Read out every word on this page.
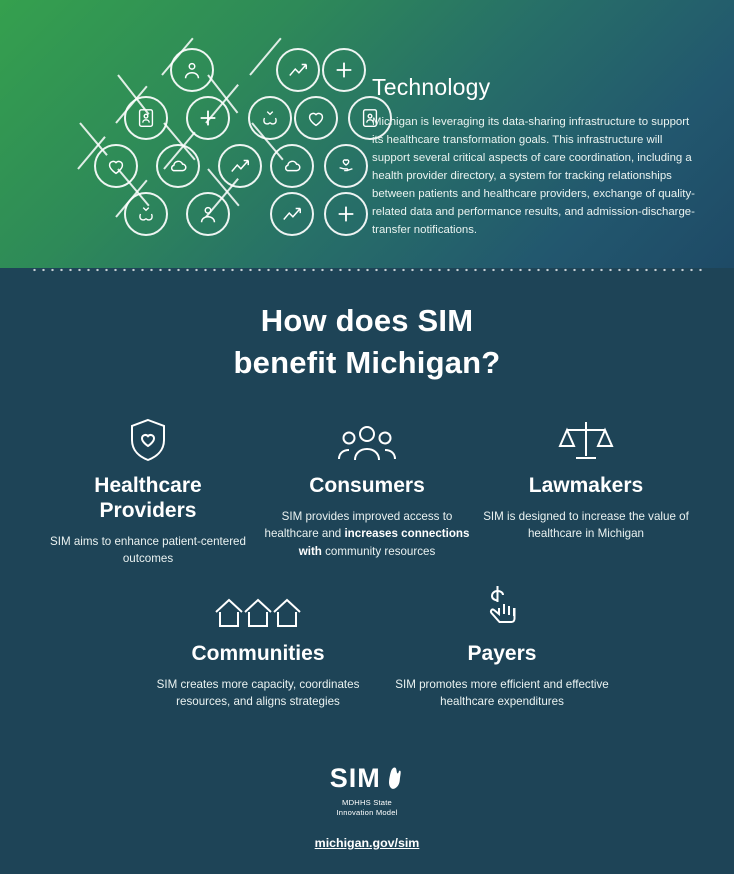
Technology

Michigan is leveraging its data-sharing infrastructure to support its healthcare transformation goals. This infrastructure will support several critical aspects of care coordination, including a health provider directory, a system for tracking relationships between patients and healthcare providers, exchange of quality-related data and performance results, and admission-discharge-transfer notifications.

How does SIM
benefit Michigan?
Healthcare
Providers

SIM aims to enhance patient-centered outcomes

Consumers

SIM provides improved access to healthcare and increases connections with community resources

Lawmakers

SIM is designed to increase the value of healthcare in Michigan

Communities

SIM creates more capacity, coordinates resources, and aligns strategies

Payers

SIM promotes more efficient and effective healthcare expenditures

SIM
MDHHS State
Innovation Model
michigan.gov/sim
